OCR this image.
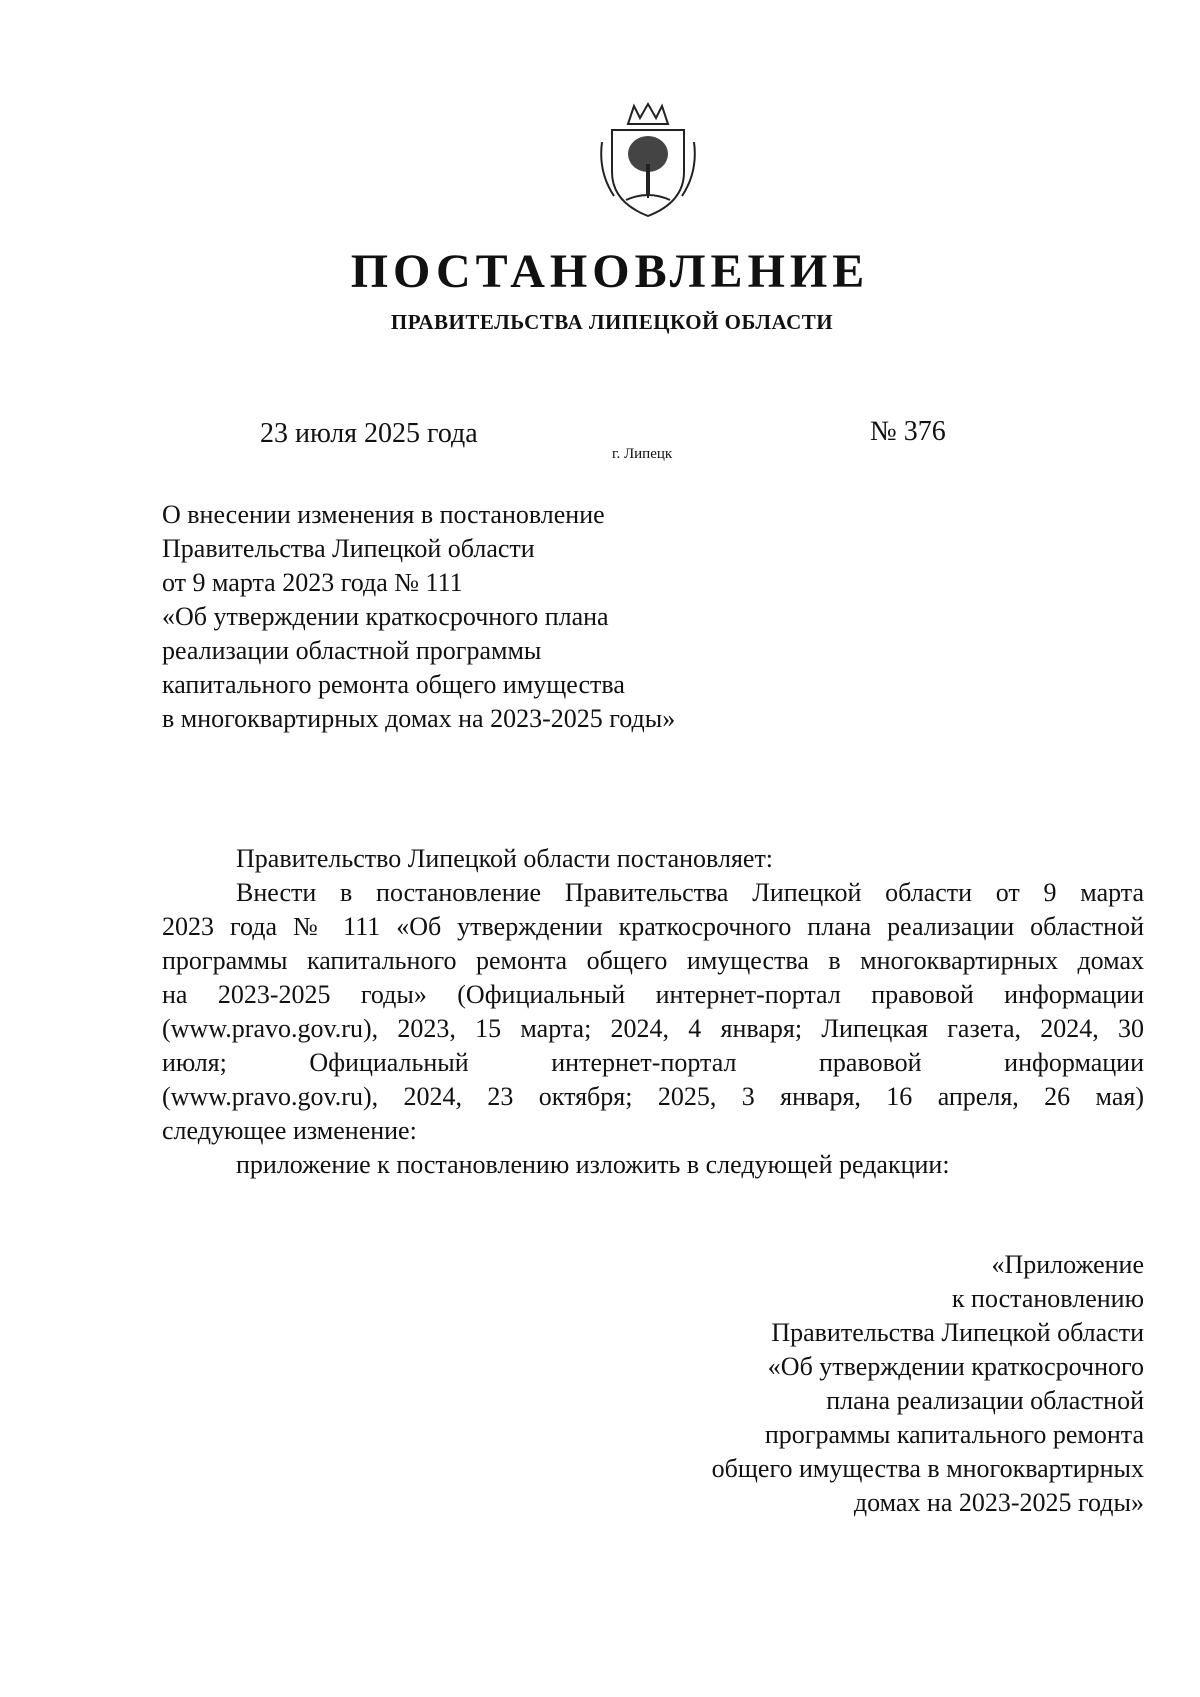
ПОСТАНОВЛЕНИЕ
ПРАВИТЕЛЬСТВА ЛИПЕЦКОЙ ОБЛАСТИ
23 июля 2025 года
г. Липецк
№ 376
О внесении изменения в постановление
Правительства Липецкой области
от 9 марта 2023 года № 111
«Об утверждении краткосрочного плана
реализации областной программы
капитального ремонта общего имущества
в многоквартирных домах на 2023-2025 годы»

Правительство Липецкой области постановляет:

Внести в постановление Правительства Липецкой области от 9 марта
2023 года № 111 «Об утверждении краткосрочного плана реализации областной
программы капитального ремонта общего имущества в многоквартирных домах
на 2023-2025 годы» (Официальный интернет-портал правовой информации
(www.pravo.gov.ru), 2023, 15 марта; 2024, 4 января; Липецкая газета, 2024, 30
июля; Официальный интернет-портал правовой информации
(www.pravo.gov.ru), 2024, 23 октября; 2025, 3 января, 16 апреля, 26 мая)
следующее изменение:

приложение к постановлению изложить в следующей редакции:

«Приложение
к постановлению
Правительства Липецкой области
«Об утверждении краткосрочного
плана реализации областной
программы капитального ремонта
общего имущества в многоквартирных
домах на 2023-2025 годы»
